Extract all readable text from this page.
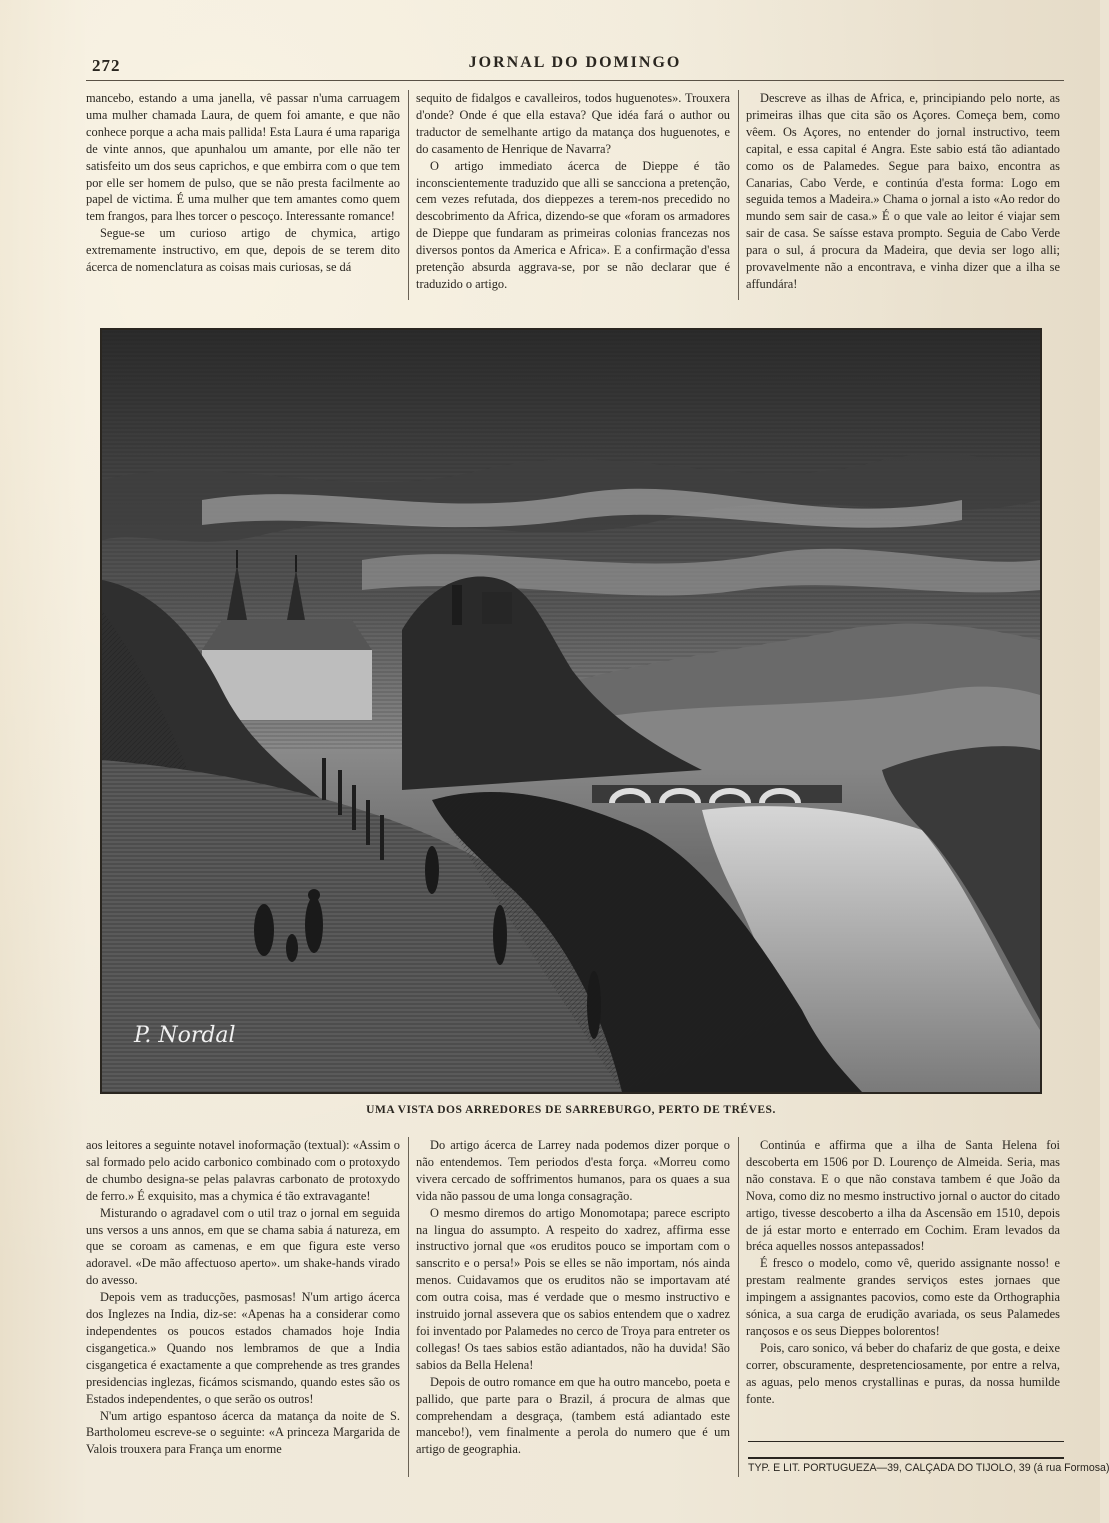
272	JORNAL DO DOMINGO

mancebo, estando a uma janella, vê passar n'uma carruagem uma mulher chamada Laura, de quem foi amante, e que não conhece porque a acha mais pallida! Esta Laura é uma rapariga de vinte annos, que apunhalou um amante, por elle não ter satisfeito um dos seus caprichos, e que embirra com o que tem por elle ser homem de pulso, que se não presta facilmente ao papel de victima. É uma mulher que tem amantes como quem tem frangos, para lhes torcer o pescoço. Interessante romance!

Segue-se um curioso artigo de chymica, artigo extremamente instructivo, em que, depois de se terem dito ácerca de nomenclatura as coisas mais curiosas, se dá

sequito de fidalgos e cavalleiros, todos huguenotes». Trouxera d'onde? Onde é que ella estava? Que idéa fará o author ou traductor de semelhante artigo da matança dos huguenotes, e do casamento de Henrique de Navarra?

O artigo immediato ácerca de Dieppe é tão inconscientemente traduzido que alli se sancciona a pretenção, cem vezes refutada, dos dieppezes a terem-nos precedido no descobrimento da Africa, dizendo-se que «foram os armadores de Dieppe que fundaram as primeiras colonias francezas nos diversos pontos da America e Africa». E a confirmação d'essa pretenção absurda aggrava-se, por se não declarar que é traduzido o artigo.

Descreve as ilhas de Africa, e, principiando pelo norte, as primeiras ilhas que cita são os Açores. Começa bem, como vêem. Os Açores, no entender do jornal instructivo, teem capital, e essa capital é Angra. Este sabio está tão adiantado como os de Palamedes. Segue para baixo, encontra as Canarias, Cabo Verde, e continúa d'esta forma: Logo em seguida temos a Madeira.» Chama o jornal a isto «Ao redor do mundo sem sair de casa.» É o que vale ao leitor é viajar sem sair de casa. Se saísse estava prompto. Seguia de Cabo Verde para o sul, á procura da Madeira, que devia ser logo alli; provavelmente não a encontrava, e vinha dizer que a ilha se affundára!

P. Nordal
UMA VISTA DOS ARREDORES DE SARREBURGO, PERTO DE TRÉVES.

aos leitores a seguinte notavel inoformação (textual): «Assim o sal formado pelo acido carbonico combinado com o protoxydo de chumbo designa-se pelas palavras carbonato de protoxydo de ferro.» É exquisito, mas a chymica é tão extravagante!

Misturando o agradavel com o util traz o jornal em seguida uns versos a uns annos, em que se chama sabia á natureza, em que se coroam as camenas, e em que figura este verso adoravel. «De mão affectuoso aperto». um shake-hands virado do avesso.

Depois vem as traducções, pasmosas! N'um artigo ácerca dos Inglezes na India, diz-se: «Apenas ha a considerar como independentes os poucos estados chamados hoje India cisgangetica.» Quando nos lembramos de que a India cisgangetica é exactamente a que comprehende as tres grandes presidencias inglezas, ficámos scismando, quando estes são os Estados independentes, o que serão os outros!

N'um artigo espantoso ácerca da matança da noite de S. Bartholomeu escreve-se o seguinte: «A princeza Margarida de Valois trouxera para França um enorme

Do artigo ácerca de Larrey nada podemos dizer porque o não entendemos. Tem periodos d'esta força. «Morreu como vivera cercado de soffrimentos humanos, para os quaes a sua vida não passou de uma longa consagração.

O mesmo diremos do artigo Monomotapa; parece escripto na lingua do assumpto. A respeito do xadrez, affirma esse instructivo jornal que «os eruditos pouco se importam com o sanscrito e o persa!» Pois se elles se não importam, nós ainda menos. Cuidavamos que os eruditos não se importavam até com outra coisa, mas é verdade que o mesmo instructivo e instruido jornal assevera que os sabios entendem que o xadrez foi inventado por Palamedes no cerco de Troya para entreter os collegas! Os taes sabios estão adiantados, não ha duvida! São sabios da Bella Helena!

Depois de outro romance em que ha outro mancebo, poeta e pallido, que parte para o Brazil, á procura de almas que comprehendam a desgraça, (tambem está adiantado este mancebo!), vem finalmente a perola do numero que é um artigo de geographia.

Continúa e affirma que a ilha de Santa Helena foi descoberta em 1506 por D. Lourenço de Almeida. Seria, mas não constava. E o que não constava tambem é que João da Nova, como diz no mesmo instructivo jornal o auctor do citado artigo, tivesse descoberto a ilha da Ascensão em 1510, depois de já estar morto e enterrado em Cochim. Eram levados da bréca aquelles nossos antepassados!

É fresco o modelo, como vê, querido assignante nosso! e prestam realmente grandes serviços estes jornaes que impingem a assignantes pacovios, como este da Orthographia sónica, a sua carga de erudição avariada, os seus Palamedes rançosos e os seus Dieppes bolorentos!

Pois, caro sonico, vá beber do chafariz de que gosta, e deixe correr, obscuramente, despretenciosamente, por entre a relva, as aguas, pelo menos crystallinas e puras, da nossa humilde fonte.

TYP. E LIT. PORTUGUEZA—39, CALÇADA DO TIJOLO, 39 (á rua Formosa)
